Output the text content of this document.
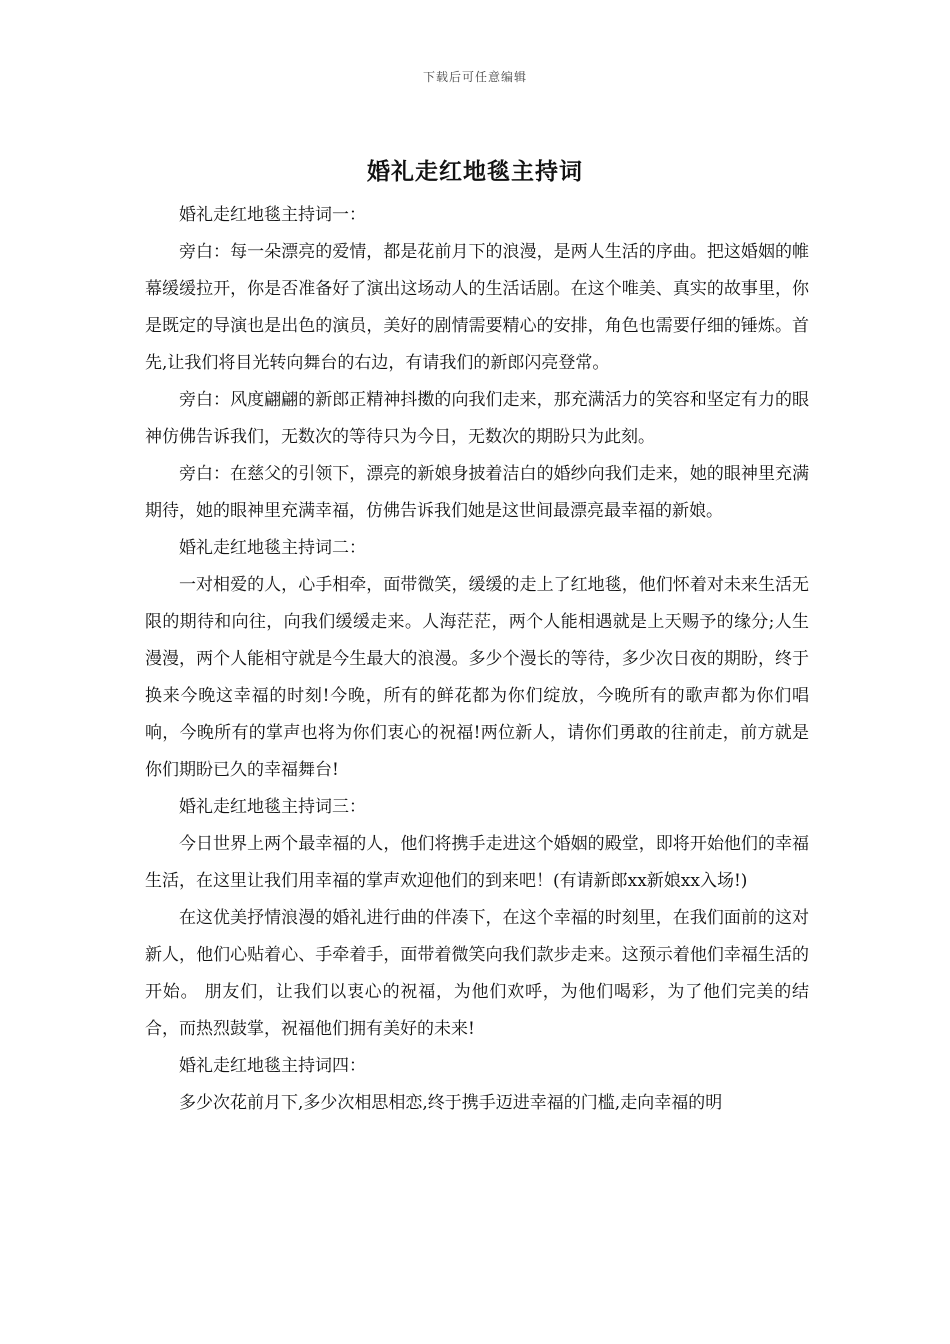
下载后可任意编辑
婚礼走红地毯主持词

婚礼走红地毯主持词一：

旁白：每一朵漂亮的爱情，都是花前月下的浪漫，是两人生活的序曲。把这婚姻的帷幕缓缓拉开，你是否准备好了演出这场动人的生活话剧。在这个唯美、真实的故事里，你是既定的导演也是出色的演员，美好的剧情需要精心的安排，角色也需要仔细的锤炼。首先,让我们将目光转向舞台的右边，有请我们的新郎闪亮登常。

旁白：风度翩翩的新郎正精神抖擞的向我们走来，那充满活力的笑容和坚定有力的眼神仿佛告诉我们，无数次的等待只为今日，无数次的期盼只为此刻。

旁白：在慈父的引领下，漂亮的新娘身披着洁白的婚纱向我们走来，她的眼神里充满期待，她的眼神里充满幸福，仿佛告诉我们她是这世间最漂亮最幸福的新娘。

婚礼走红地毯主持词二：

一对相爱的人，心手相牵，面带微笑，缓缓的走上了红地毯，他们怀着对未来生活无限的期待和向往，向我们缓缓走来。人海茫茫，两个人能相遇就是上天赐予的缘分;人生漫漫，两个人能相守就是今生最大的浪漫。多少个漫长的等待，多少次日夜的期盼，终于换来今晚这幸福的时刻!今晚，所有的鲜花都为你们绽放，今晚所有的歌声都为你们唱响，今晚所有的掌声也将为你们衷心的祝福!两位新人，请你们勇敢的往前走，前方就是你们期盼已久的幸福舞台!

婚礼走红地毯主持词三：

今日世界上两个最幸福的人，他们将携手走进这个婚姻的殿堂，即将开始他们的幸福生活，在这里让我们用幸福的掌声欢迎他们的到来吧！(有请新郎xx新娘xx入场!)

在这优美抒情浪漫的婚礼进行曲的伴凑下，在这个幸福的时刻里，在我们面前的这对新人，他们心贴着心、手牵着手，面带着微笑向我们款步走来。这预示着他们幸福生活的开始。 朋友们，让我们以衷心的祝福，为他们欢呼，为他们喝彩，为了他们完美的结合，而热烈鼓掌，祝福他们拥有美好的未来!

婚礼走红地毯主持词四：

多少次花前月下,多少次相思相恋,终于携手迈进幸福的门槛,走向幸福的明
